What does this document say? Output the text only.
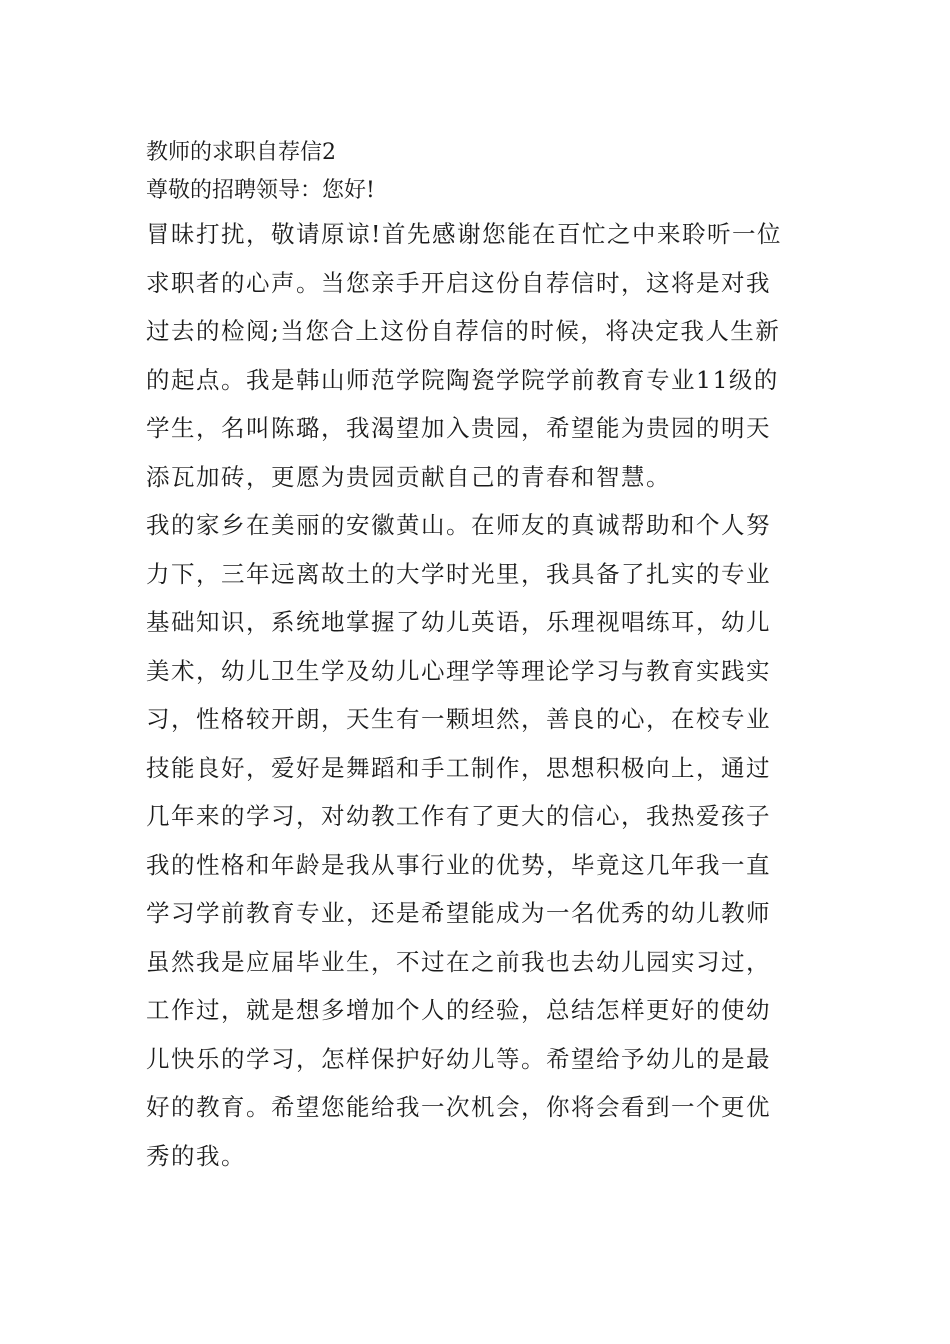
教师的求职自荐信2

尊敬的招聘领导：您好!

冒昧打扰，敬请原谅!首先感谢您能在百忙之中来聆听一位
求职者的心声。当您亲手开启这份自荐信时，这将是对我
过去的检阅;当您合上这份自荐信的时候，将决定我人生新
的起点。我是韩山师范学院陶瓷学院学前教育专业11级的
学生，名叫陈璐，我渴望加入贵园，希望能为贵园的明天
添瓦加砖，更愿为贵园贡献自己的青春和智慧。

我的家乡在美丽的安徽黄山。在师友的真诚帮助和个人努
力下，三年远离故土的大学时光里，我具备了扎实的专业
基础知识，系统地掌握了幼儿英语，乐理视唱练耳，幼儿
美术，幼儿卫生学及幼儿心理学等理论学习与教育实践实
习，性格较开朗，天生有一颗坦然，善良的心，在校专业
技能良好，爱好是舞蹈和手工制作，思想积极向上，通过
几年来的学习，对幼教工作有了更大的信心，我热爱孩子
我的性格和年龄是我从事行业的优势，毕竟这几年我一直
学习学前教育专业，还是希望能成为一名优秀的幼儿教师
虽然我是应届毕业生，不过在之前我也去幼儿园实习过，
工作过，就是想多增加个人的经验，总结怎样更好的使幼
儿快乐的学习，怎样保护好幼儿等。希望给予幼儿的是最
好的教育。希望您能给我一次机会，你将会看到一个更优
秀的我。
